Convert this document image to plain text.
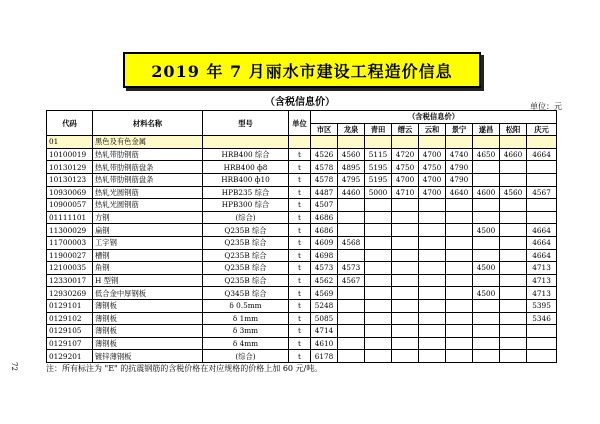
2019 年 7 月丽水市建设工程造价信息
（含税信息价）	单位：元
72
代码	材料名称	型号	单位	（含税信息价）								
				市区	龙泉	青田	缙云	云和	景宁	遂昌	松阳	庆元
01	黑色及有色金属											
10100019	热轧带肋钢筋	HRB400 综合	t	4526	4560	5115	4720	4700	4740	4650	4660	4664
10130129	热轧带肋钢筋盘条	HRB400 ф8	t	4578	4895	5195	4750	4750	4790			
10130123	热轧带肋钢筋盘条	HRB400 ф10	t	4578	4795	5195	4700	4700	4790			
10930069	热轧光圆钢筋	HPB235 综合	t	4487	4460	5000	4710	4700	4640	4600	4560	4567
10900057	热轧光圆钢筋	HPB300 综合	t	4507								
01111101	方钢	(综合)	t	4686								
11300029	扁钢	Q235B 综合	t	4686						4500		4664
11700003	工字钢	Q235B 综合	t	4609	4568							4664
11900027	槽钢	Q235B 综合	t	4698								4664
12100035	角钢	Q235B 综合	t	4573	4573					4500		4713
12330017	H 型钢	Q235B 综合	t	4562	4567							4713
12930269	低合金中厚钢板	Q345B 综合	t	4569						4500		4713
0129101	薄钢板	δ 0.5mm	t	5248								5395
0129102	薄钢板	δ 1mm	t	5085								5346
0129105	薄钢板	δ 3mm	t	4714								
0129107	薄钢板	δ 4mm	t	4610								
0129201	镀锌薄钢板	(综合)	t	6178								
注：所有标注为 "E" 的抗震钢筋的含税价格在对应规格的价格上加 60 元/吨。
